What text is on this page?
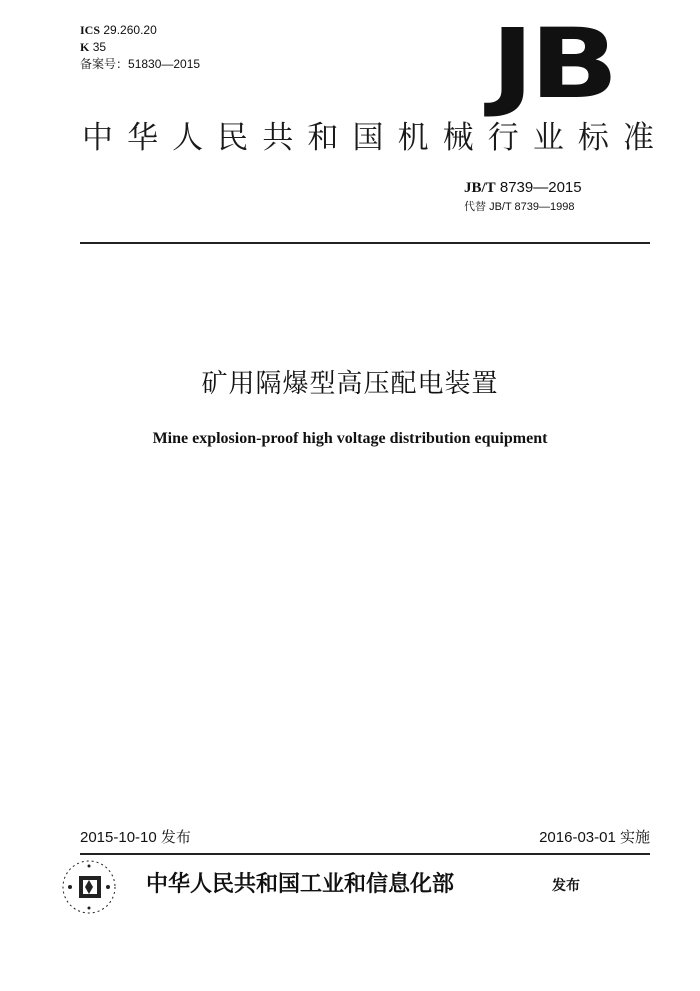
ICS 29.260.20
K 35
备案号：51830—2015	JB
中华人民共和国机械行业标准
JB/T 8739—2015
代替 JB/T 8739—1998
矿用隔爆型高压配电装置
Mine explosion-proof high voltage distribution equipment
2015-10-10 发布	2016-03-01 实施
中华人民共和国工业和信息化部	发布
